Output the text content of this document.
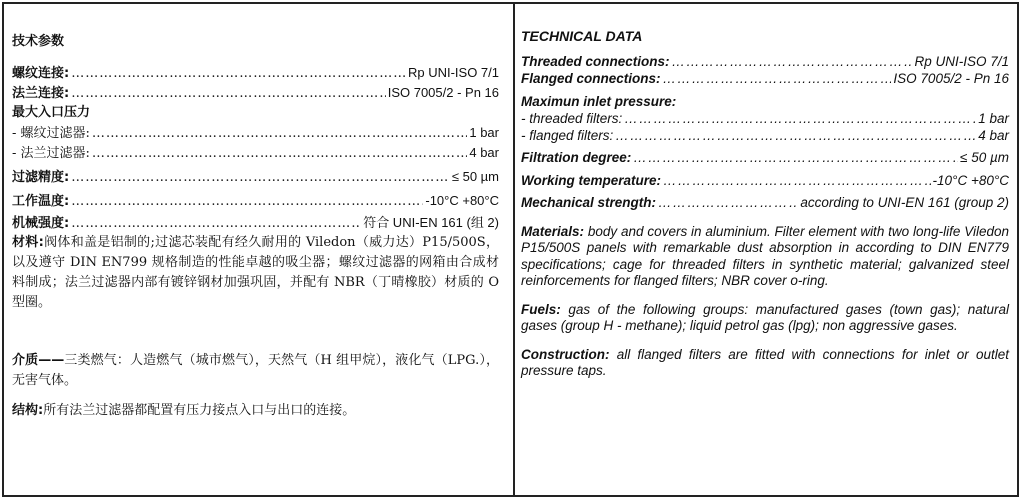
技术参数
螺纹连接: …………………………………………………………………………………………………………………………………………………………	Rp UNI-ISO 7/1
法兰连接: …………………………………………………………………………………………………………………………………………………………	ISO 7005/2 - Pn 16
最大入口压力
- 螺纹过滤器: …………………………………………………………………………………………………………………………………………………………	1 bar
- 法兰过滤器: …………………………………………………………………………………………………………………………………………………………	4 bar
过滤精度: …………………………………………………………………………………………………………………………………………………………	≤ 50 µm
工作温度: …………………………………………………………………………………………………………………………………………………………	-10°C +80°C
机械强度: …………………………………………………………………………………………………………………………………………………………	符合 UNI-EN 161 (组 2)

材料:阀体和盖是铝制的;过滤芯装配有经久耐用的 Viledon（威力达）P15/500S，以及遵守 DIN EN799 规格制造的性能卓越的吸尘器；螺纹过滤器的网箱由合成材料制成；法兰过滤器内部有镀锌钢材加强巩固，并配有 NBR（丁晴橡胶）材质的 O 型圈。

介质——三类燃气：人造燃气（城市燃气），天然气（H 组甲烷），液化气（LPG.），无害气体。

结构:所有法兰过滤器都配置有压力接点入口与出口的连接。

TECHNICAL DATA
Threaded connections: …………………………………………………………………………………………………………………………………………………………	Rp UNI-ISO 7/1
Flanged connections: …………………………………………………………………………………………………………………………………………………………	ISO 7005/2 - Pn 16
Maximun inlet pressure:
- threaded filters: …………………………………………………………………………………………………………………………………………………………	1 bar
- flanged filters: …………………………………………………………………………………………………………………………………………………………	4 bar
Filtration degree: …………………………………………………………………………………………………………………………………………………………	≤ 50 µm
Working temperature: …………………………………………………………………………………………………………………………………………………………	-10°C +80°C
Mechanical strength: …………………………………………………………………………………………………………………………………………………………	according to UNI-EN 161 (group 2)

Materials: body and covers in aluminium. Filter element with two long-life Viledon P15/500S panels with remarkable dust absorption in according to DIN EN779 specifications; cage for threaded filters in synthetic material; galvanized steel reinforcements for flanged filters; NBR cover o-ring.

Fuels: gas of the following groups: manufactured gases (town gas); natural gases (group H - methane); liquid petrol gas (lpg); non aggressive gases.

Construction: all flanged filters are fitted with connections for inlet or outlet pressure taps.
